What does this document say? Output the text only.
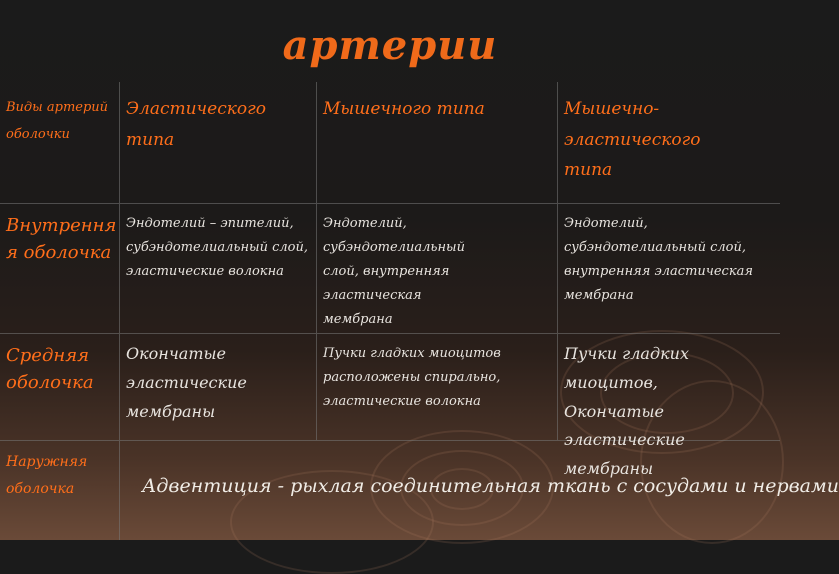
артерии
Виды артерий
оболочки
Эластического типа
Мышечного типа	Мышечно-эластического
типа
Внутрення
я оболочка
Эндотелий – эпителий,
субэндотелиальный слой,
эластические волокна
Эндотелий, субэндотелиальный
слой, внутренняя эластическая
мембрана
Эндотелий,
субэндотелиальный слой,
внутренняя эластическая
мембрана
Средняя
оболочка
Окончатые
эластические
мембраны
Пучки гладких миоцитов
расположены спирально,
эластические волокна
Пучки гладких миоцитов,
Окончатые эластические
мембраны
Наружняя
оболочка	Адвентиция - рыхлая соединительная ткань с сосудами и нервами
